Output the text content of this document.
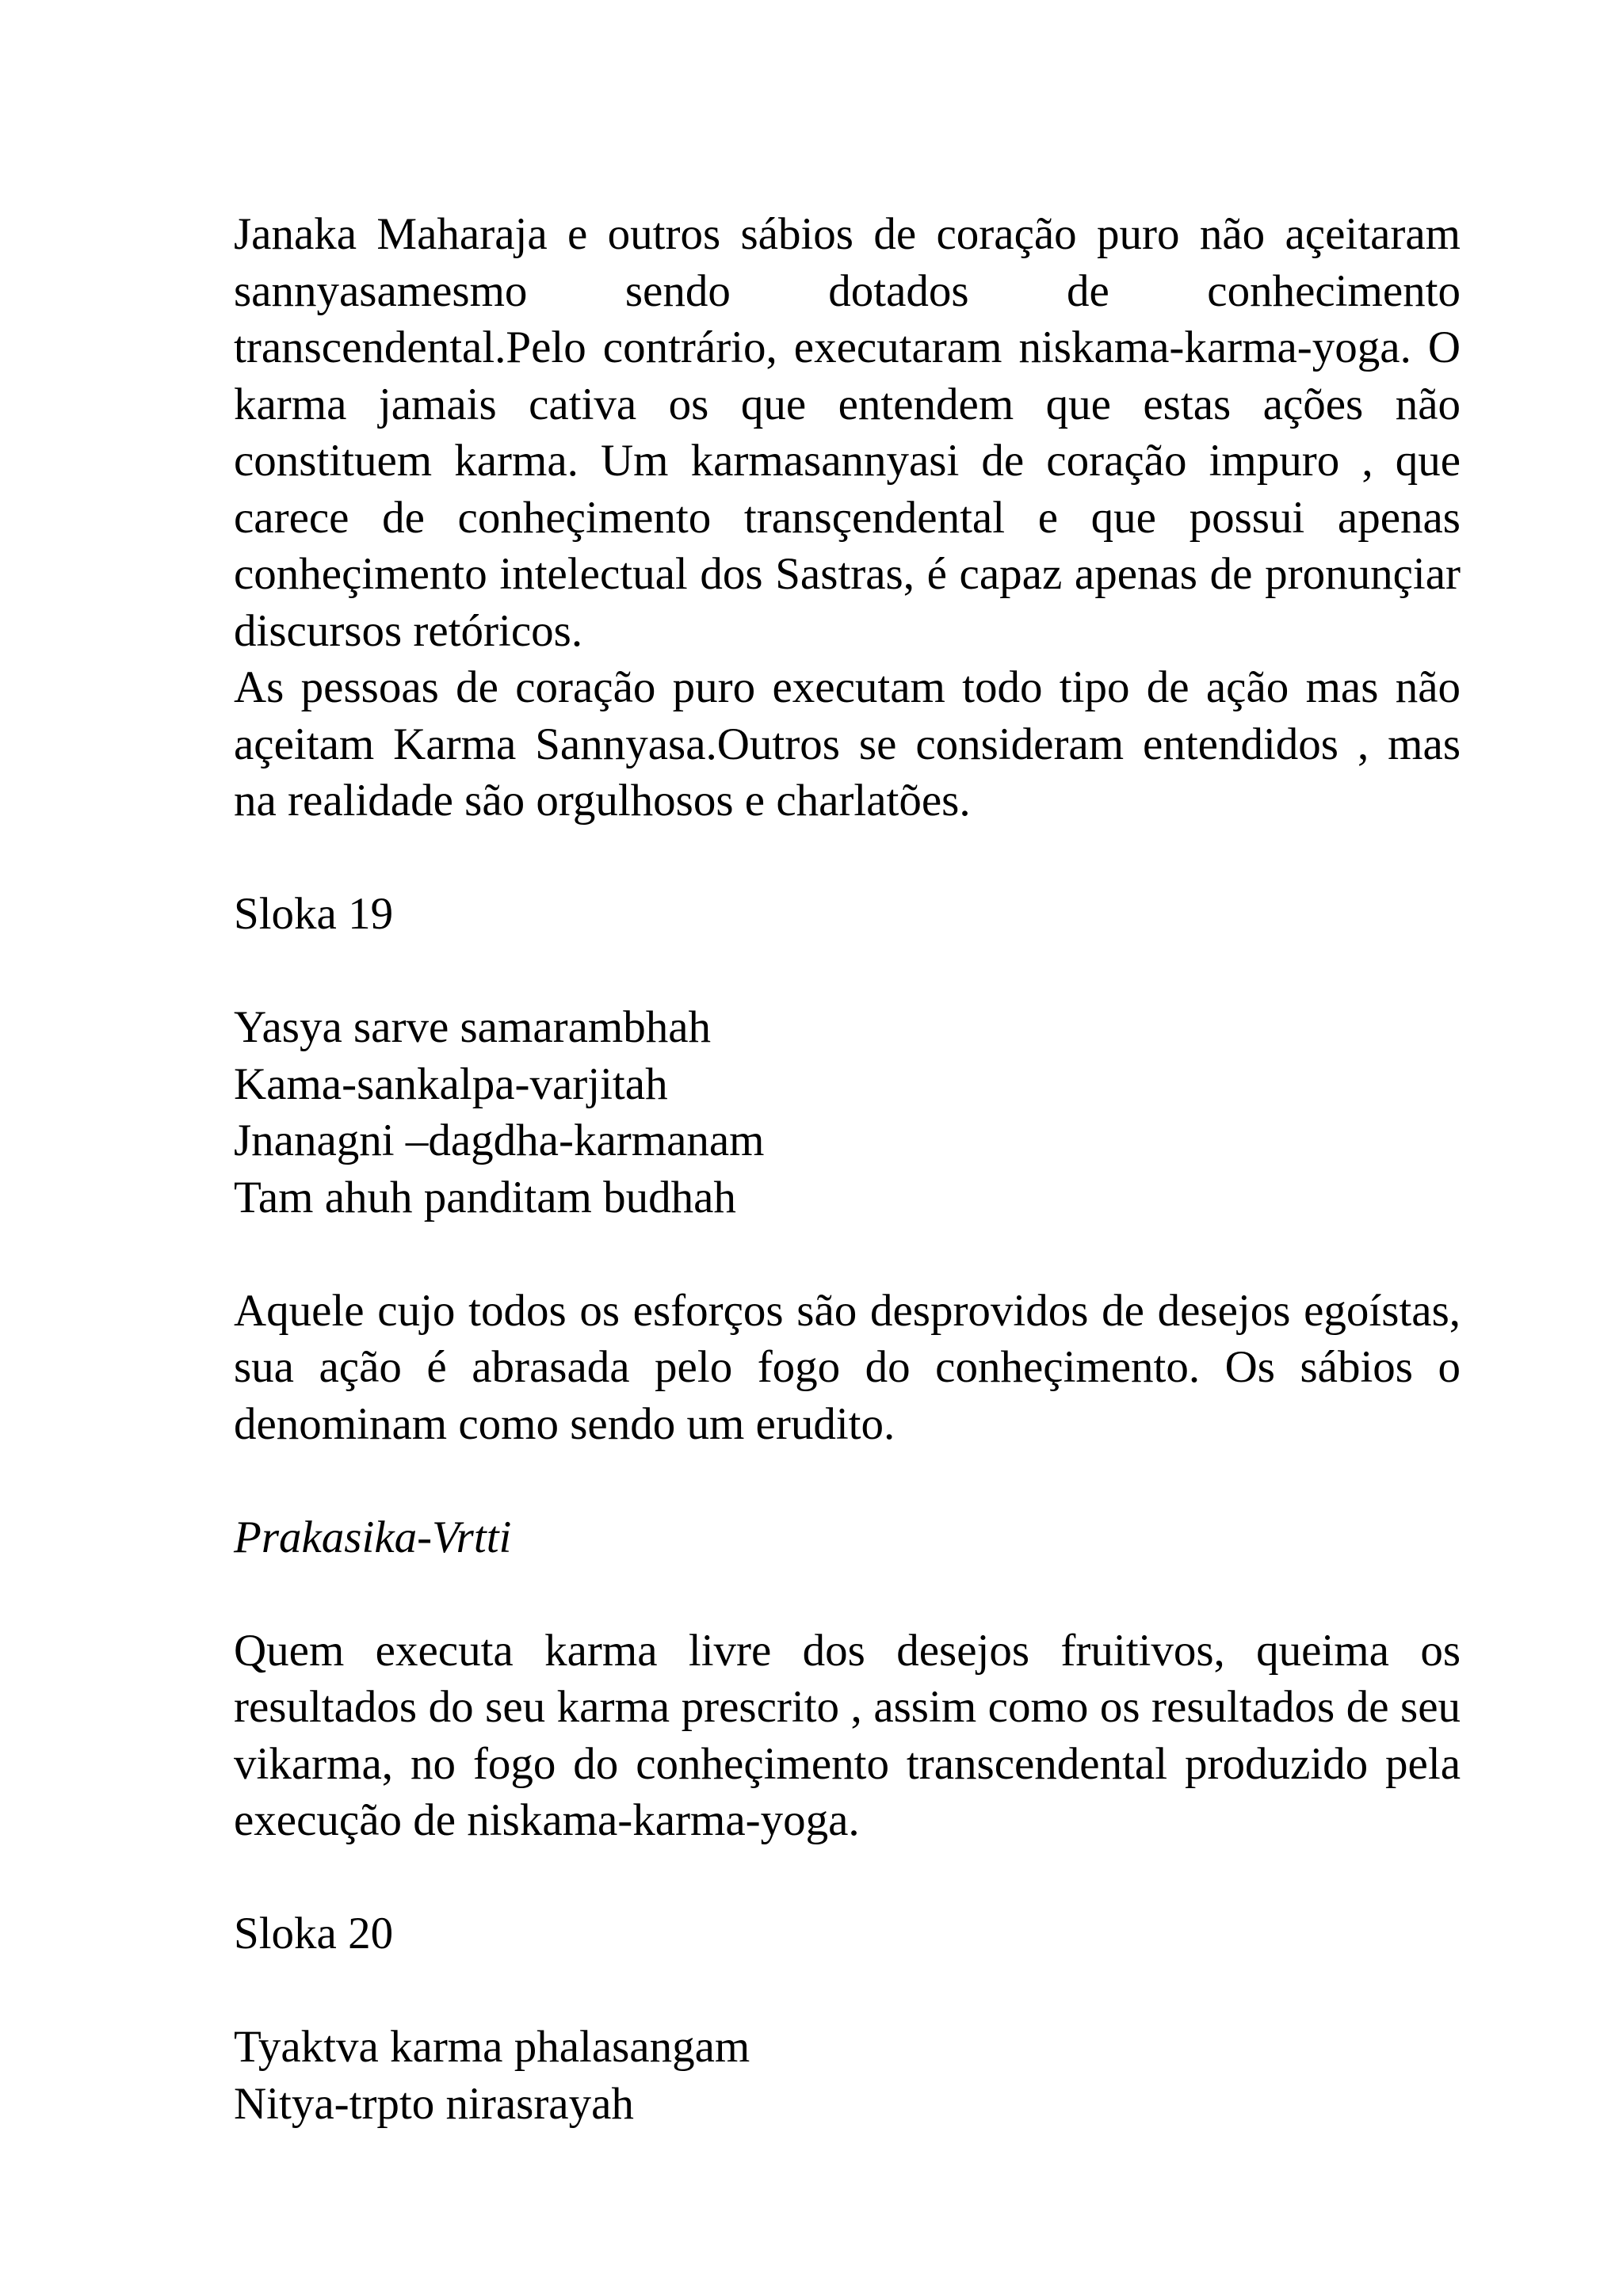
Janaka Maharaja e outros sábios de coração puro não açeitaram sannyasamesmo sendo dotados de conhecimento transcendental.Pelo contrário, executaram niskama-karma-yoga. O karma jamais cativa os que entendem que estas ações não constituem karma. Um karmasannyasi de coração impuro , que carece de conheçimento transçendental e que possui apenas conheçimento intelectual dos Sastras, é capaz apenas de pronunçiar discursos retóricos.

As pessoas de coração puro executam todo tipo de ação mas não açeitam Karma Sannyasa.Outros se consideram entendidos , mas na realidade são orgulhosos e charlatões.

Sloka 19

Yasya sarve samarambhah

Kama-sankalpa-varjitah

Jnanagni –dagdha-karmanam

Tam ahuh panditam budhah

Aquele cujo todos os esforços são desprovidos de desejos egoístas, sua ação é abrasada pelo fogo do conheçimento. Os sábios o denominam como sendo um erudito.

Prakasika-Vrtti

Quem executa karma livre dos desejos fruitivos, queima os resultados do seu karma prescrito , assim como os resultados de seu vikarma, no fogo do conheçimento transcendental produzido pela execução de niskama-karma-yoga.

Sloka 20

Tyaktva karma phalasangam

Nitya-trpto nirasrayah
